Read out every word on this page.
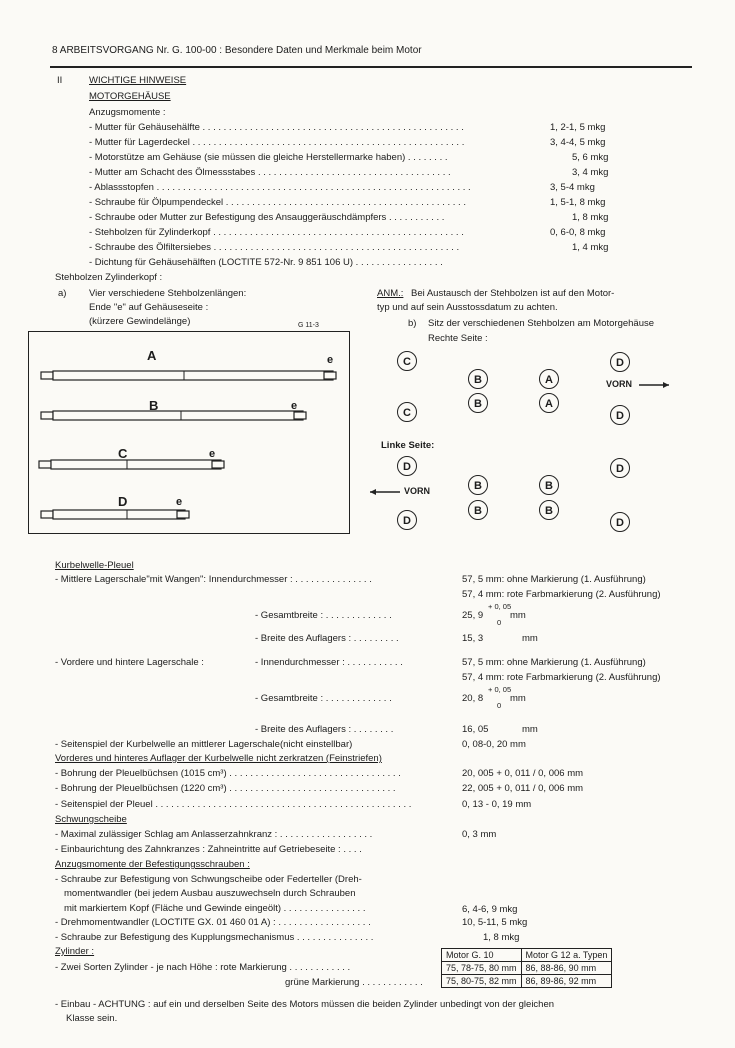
8 ARBEITSVORGANG Nr. G. 100-00 : Besondere Daten und Merkmale beim Motor
II	WICHTIGE HINWEISE
MOTORGEHÄUSE
Anzugsmomente :
- Mutter für Gehäusehälfte . . . . . . . . . . . . . . . . . . . . . . . . . . . . . . . . . . . . . . . . . . . . . . . . . .	1, 2-1, 5 mkg
- Mutter für Lagerdeckel . . . . . . . . . . . . . . . . . . . . . . . . . . . . . . . . . . . . . . . . . . . . . . . . . . . .	3, 4-4, 5 mkg
- Motorstütze am Gehäuse (sie müssen die gleiche Herstellermarke haben) . . . . . . . .	5, 6 mkg
- Mutter am Schacht des Ölmessstabes . . . . . . . . . . . . . . . . . . . . . . . . . . . . . . . . . . . . .	3, 4 mkg
- Ablassstopfen . . . . . . . . . . . . . . . . . . . . . . . . . . . . . . . . . . . . . . . . . . . . . . . . . . . . . . . . . . . .	3, 5-4 mkg
- Schraube für Ölpumpendeckel . . . . . . . . . . . . . . . . . . . . . . . . . . . . . . . . . . . . . . . . . . . . . .	1, 5-1, 8 mkg
- Schraube oder Mutter zur Befestigung des Ansauggeräuschdämpfers . . . . . . . . . . .	1, 8 mkg
- Stehbolzen für Zylinderkopf . . . . . . . . . . . . . . . . . . . . . . . . . . . . . . . . . . . . . . . . . . . . . . . .	0, 6-0, 8 mkg
- Schraube des Ölfiltersiebes . . . . . . . . . . . . . . . . . . . . . . . . . . . . . . . . . . . . . . . . . . . . . . .	1, 4 mkg
- Dichtung für Gehäusehälften (LOCTITE 572-Nr. 9 851 106 U) . . . . . . . . . . . . . . . . .
Stehbolzen Zylinderkopf :
a) Vier verschiedene Stehbolzenlängen:
Ende "e" auf Gehäuseseite :
(kürzere Gewindelänge)
ANM.: Bei Austausch der Stehbolzen ist auf den Motor-
typ und auf sein Ausstossdatum zu achten.
b) Sitz der verschiedenen Stehbolzen am Motorgehäuse
Rechte Seite :
G 11-3
A
B
C
D
e
e
e
e
C
C
B
B
A
A
D
D
VORN
Linke Seite:
D
D
D
D
B
B
B
B
VORN
Kurbelwelle-Pleuel
- Mittlere Lagerschale"mit Wangen": Innendurchmesser : . . . . . . . . . . . . . . .	57, 5 mm: ohne Markierung (1. Ausführung)
57, 4 mm: rote Farbmarkierung (2. Ausführung)
- Gesamtbreite : . . . . . . . . . . . . .	25, 9
+ 0, 05
0
mm
- Breite des Auflagers : . . . . . . . . .	15, 3	mm
- Vordere und hintere Lagerschale :	- Innendurchmesser : . . . . . . . . . . .	57, 5 mm: ohne Markierung (1. Ausführung)
57, 4 mm: rote Farbmarkierung (2. Ausführung)
- Gesamtbreite : . . . . . . . . . . . . .	20, 8
+ 0, 05
0
mm
- Breite des Auflagers : . . . . . . . .	16, 05	mm
- Seitenspiel der Kurbelwelle an mittlerer Lagerschale(nicht einstellbar)	0, 08-0, 20 mm
Vorderes und hinteres Auflager der Kurbelwelle nicht zerkratzen (Feinstriefen)
- Bohrung der Pleuelbüchsen (1015 cm³) . . . . . . . . . . . . . . . . . . . . . . . . . . . . . . . . .	20, 005 + 0, 011 / 0, 006 mm
- Bohrung der Pleuelbüchsen (1220 cm³) . . . . . . . . . . . . . . . . . . . . . . . . . . . . . . . .	22, 005 + 0, 011 / 0, 006 mm
- Seitenspiel der Pleuel . . . . . . . . . . . . . . . . . . . . . . . . . . . . . . . . . . . . . . . . . . . . . . . . .	0, 13 - 0, 19 mm
Schwungscheibe
- Maximal zulässiger Schlag am Anlasserzahnkranz : . . . . . . . . . . . . . . . . . .	0, 3 mm
- Einbaurichtung des Zahnkranzes : Zahneintritte auf Getriebeseite : . . . .
Anzugsmomente der Befestigungsschrauben :
- Schraube zur Befestigung von Schwungscheibe oder Federteller (Dreh-
momentwandler (bei jedem Ausbau auszuwechseln durch Schrauben
mit markiertem Kopf (Fläche und Gewinde eingeölt) . . . . . . . . . . . . . . . .	6, 4-6, 9 mkg
- Drehmomentwandler (LOCTITE GX. 01 460 01 A) : . . . . . . . . . . . . . . . . . .	10, 5-11, 5 mkg
- Schraube zur Befestigung des Kupplungsmechanismus . . . . . . . . . . . . . . .	1, 8 mkg
Zylinder :
- Zwei Sorten Zylinder - je nach Höhe : rote Markierung . . . . . . . . . . . .
grüne Markierung . . . . . . . . . . . .
Motor G. 10	Motor G 12 a. Typen
75, 78-75, 80 mm	86, 88-86, 90 mm
75, 80-75, 82 mm	86, 89-86, 92 mm
- Einbau - ACHTUNG : auf ein und derselben Seite des Motors müssen die beiden Zylinder unbedingt von der gleichen
Klasse sein.
